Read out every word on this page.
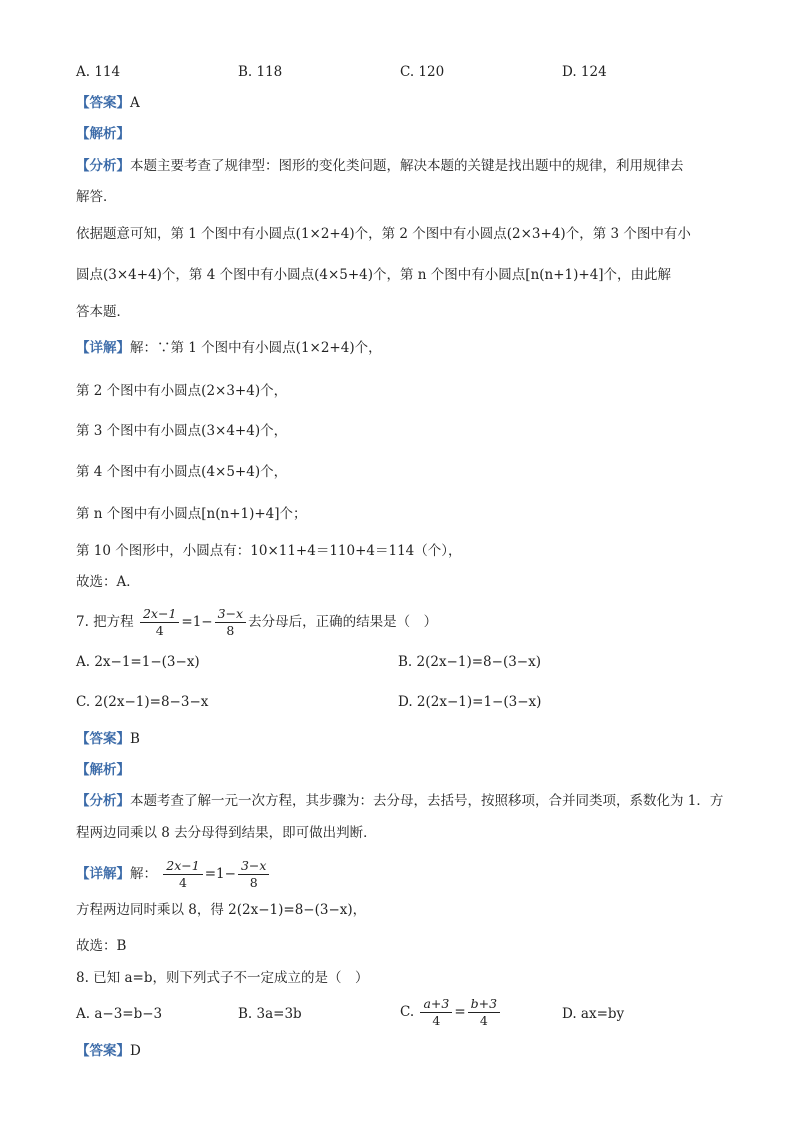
A. 114	B. 118	C. 120	D. 124
【答案】A
【解析】
【分析】本题主要考查了规律型：图形的变化类问题，解决本题的关键是找出题中的规律，利用规律去
解答．
依据题意可知，第 1 个图中有小圆点(1×2+4)个，第 2 个图中有小圆点(2×3+4)个，第 3 个图中有小
圆点(3×4+4)个，第 4 个图中有小圆点(4×5+4)个，第 n 个图中有小圆点[n(n+1)+4]个，由此解
答本题．
【详解】解：∵第 1 个图中有小圆点(1×2+4)个，
第 2 个图中有小圆点(2×3+4)个，
第 3 个图中有小圆点(3×4+4)个，
第 4 个图中有小圆点(4×5+4)个，
第 n 个图中有小圆点[n(n+1)+4]个；
第 10 个图形中，小圆点有：10×11+4＝110+4＝114（个），
故选：A．
7. 把方程 $\frac{2x-1}{4} =1- \frac{3-x}{8}$ 去分母后，正确的结果是（　）
A. 2x−1=1−(3−x)	B. 2(2x−1)=8−(3−x)
C. 2(2x−1)=8−3−x	D. 2(2x−1)=1−(3−x)
【答案】B
【解析】
【分析】本题考查了解一元一次方程，其步骤为：去分母，去括号，按照移项，合并同类项，系数化为 1．方
程两边同乘以 8 去分母得到结果，即可做出判断．
【详解】解： $\frac{2x-1}{4} =1- \frac{3-x}{8}$
方程两边同时乘以 8，得 2(2x−1)=8−(3−x)，
故选：B
8. 已知 a=b，则下列式子不一定成立的是（　）
A. a−3=b−3	B. 3a=3b	C. $\frac{a+3}{4} = \frac{b+3}{4}$	D. ax=by
【答案】D
